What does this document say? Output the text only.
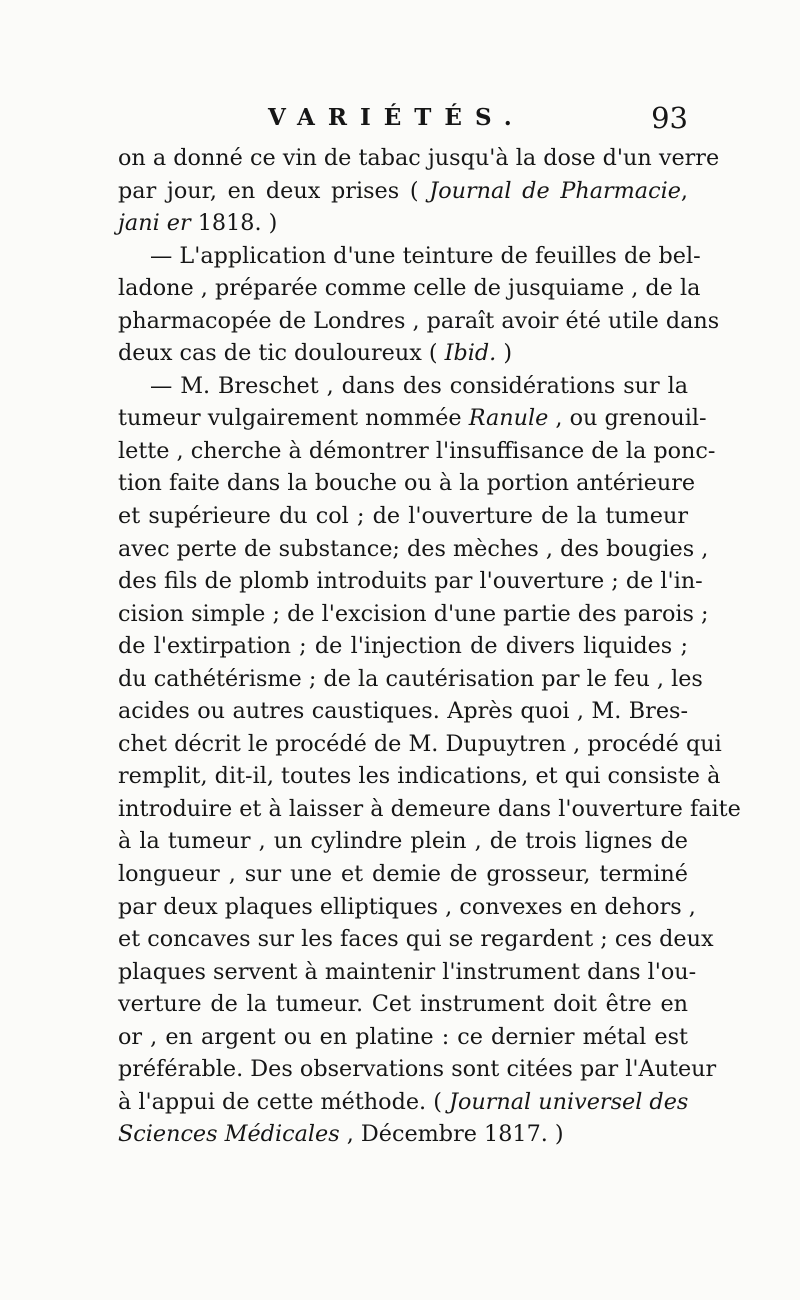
VARIÉTÉS.	93
on a donné ce vin de tabac jusqu'à la dose d'un verre
par jour, en deux prises ( Journal de Pharmacie,
jani er 1818. )
— L'application d'une teinture de feuilles de bel-
ladone , préparée comme celle de jusquiame , de la
pharmacopée de Londres , paraît avoir été utile dans
deux cas de tic douloureux ( Ibid. )
— M. Breschet , dans des considérations sur la
tumeur vulgairement nommée Ranule , ou grenouil-
lette , cherche à démontrer l'insuffisance de la ponc-
tion faite dans la bouche ou à la portion antérieure
et supérieure du col ; de l'ouverture de la tumeur
avec perte de substance; des mèches , des bougies ,
des fils de plomb introduits par l'ouverture ; de l'in-
cision simple ; de l'excision d'une partie des parois ;
de l'extirpation ; de l'injection de divers liquides ;
du cathétérisme ; de la cautérisation par le feu , les
acides ou autres caustiques. Après quoi , M. Bres-
chet décrit le procédé de M. Dupuytren , procédé qui
remplit, dit-il, toutes les indications, et qui consiste à
introduire et à laisser à demeure dans l'ouverture faite
à la tumeur , un cylindre plein , de trois lignes de
longueur , sur une et demie de grosseur, terminé
par deux plaques elliptiques , convexes en dehors ,
et concaves sur les faces qui se regardent ; ces deux
plaques servent à maintenir l'instrument dans l'ou-
verture de la tumeur. Cet instrument doit être en
or , en argent ou en platine : ce dernier métal est
préférable. Des observations sont citées par l'Auteur
à l'appui de cette méthode. ( Journal universel des
Sciences Médicales , Décembre 1817. )
